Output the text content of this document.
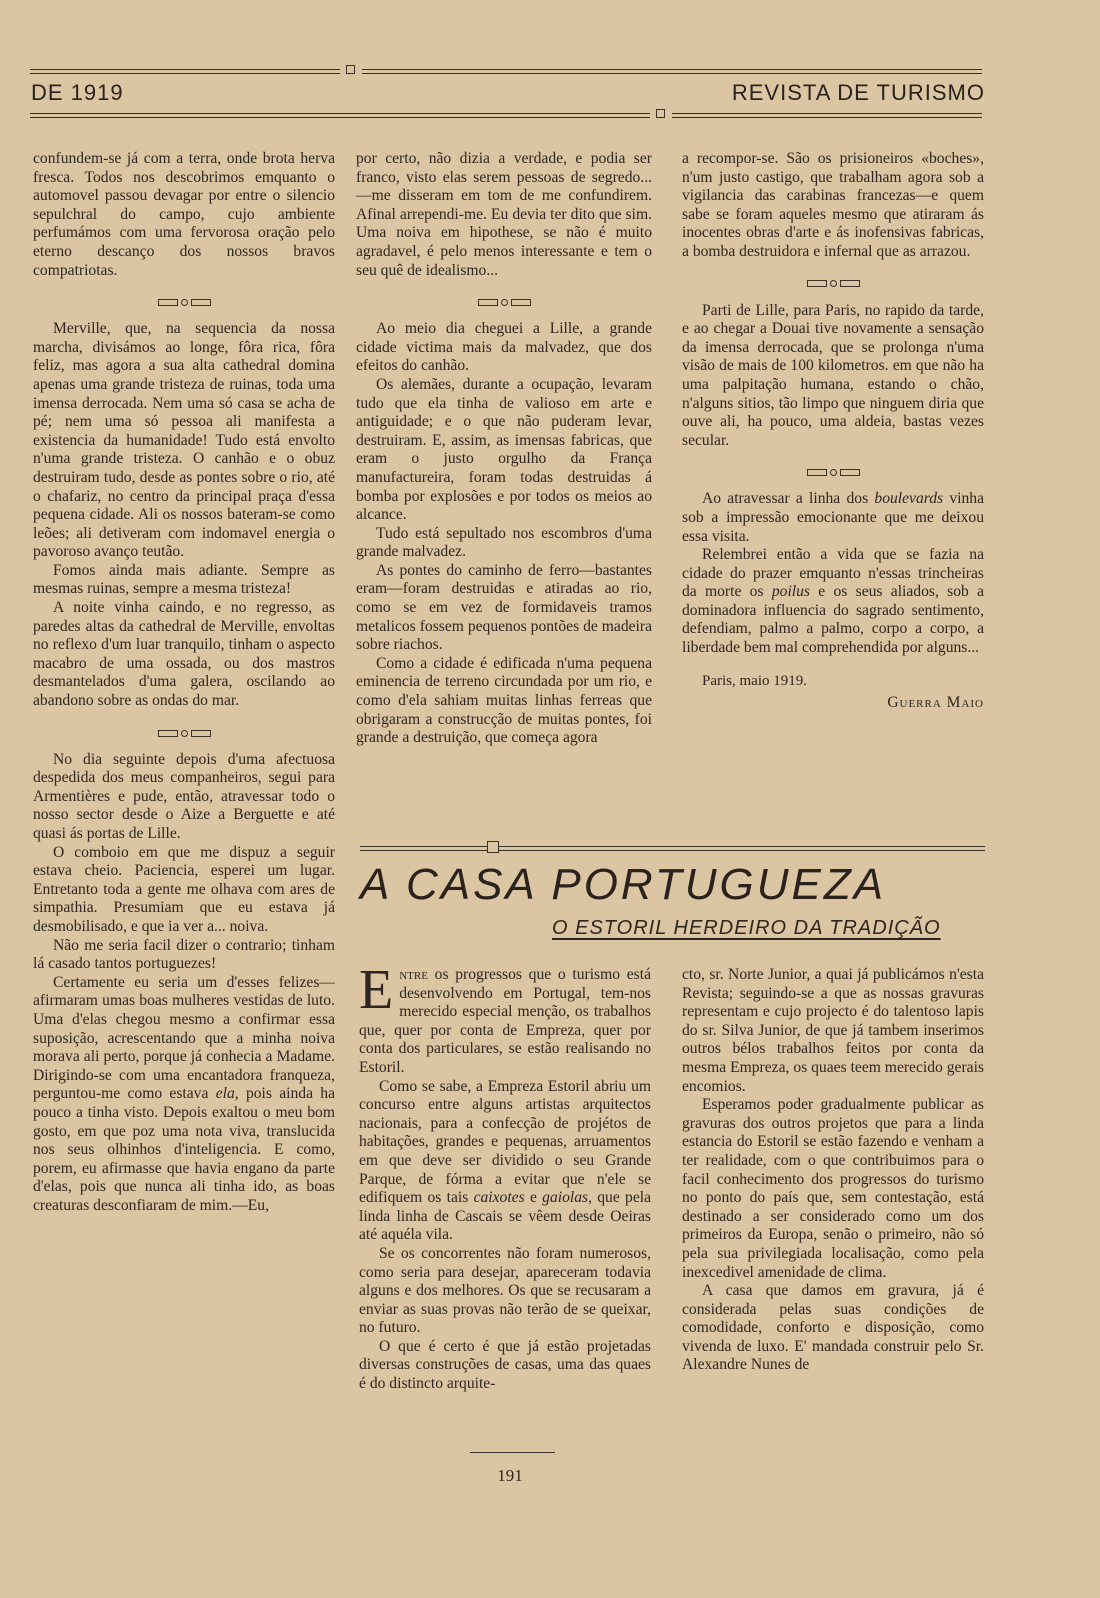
DE 1919	REVISTA DE TURISMO

confundem-se já com a terra, onde brota herva fresca. Todos nos descobrimos emquanto o automovel passou devagar por entre o silencio sepulchral do campo, cujo ambiente perfumámos com uma fervorosa oração pelo eterno descanço dos nossos bravos compatriotas.

Merville, que, na sequencia da nossa marcha, divisámos ao longe, fôra rica, fôra feliz, mas agora a sua alta cathedral domina apenas uma grande tristeza de ruinas, toda uma imensa derrocada. Nem uma só casa se acha de pé; nem uma só pessoa ali manifesta a existencia da humanidade! Tudo está envolto n'uma grande tristeza. O canhão e o obuz destruiram tudo, desde as pontes sobre o rio, até o chafariz, no centro da principal praça d'essa pequena cidade. Ali os nossos bateram-se como leões; ali detiveram com indomavel energia o pavoroso avanço teutão.

Fomos ainda mais adiante. Sempre as mesmas ruinas, sempre a mesma tristeza!

A noite vinha caindo, e no regresso, as paredes altas da cathedral de Merville, envoltas no reflexo d'um luar tranquilo, tinham o aspecto macabro de uma ossada, ou dos mastros desmantelados d'uma galera, oscilando ao abandono sobre as ondas do mar.

No dia seguinte depois d'uma afectuosa despedida dos meus companheiros, segui para Armentières e pude, então, atravessar todo o nosso sector desde o Aize a Berguette e até quasi ás portas de Lille.

O comboio em que me dispuz a seguir estava cheio. Paciencia, esperei um lugar. Entretanto toda a gente me olhava com ares de simpathia. Presumiam que eu estava já desmobilisado, e que ia ver a... noiva.

Não me seria facil dizer o contrario; tinham lá casado tantos portuguezes!

Certamente eu seria um d'esses felizes—afirmaram umas boas mulheres vestidas de luto. Uma d'elas chegou mesmo a confirmar essa suposição, acrescentando que a minha noiva morava ali perto, porque já conhecia a Madame. Dirigindo-se com uma encantadora franqueza, perguntou-me como estava ela, pois ainda ha pouco a tinha visto. Depois exaltou o meu bom gosto, em que poz uma nota viva, translucida nos seus olhinhos d'inteligencia. E como, porem, eu afirmasse que havia engano da parte d'elas, pois que nunca ali tinha ido, as boas creaturas desconfiaram de mim.—Eu,

por certo, não dizia a verdade, e podia ser franco, visto elas serem pessoas de segredo...—me disseram em tom de me confundirem. Afinal arrependi-me. Eu devia ter dito que sim. Uma noiva em hipothese, se não é muito agradavel, é pelo menos interessante e tem o seu quê de idealismo...

Ao meio dia cheguei a Lille, a grande cidade victima mais da malvadez, que dos efeitos do canhão.

Os alemães, durante a ocupação, levaram tudo que ela tinha de valioso em arte e antiguidade; e o que não puderam levar, destruiram. E, assim, as imensas fabricas, que eram o justo orgulho da França manufactureira, foram todas destruidas á bomba por explosões e por todos os meios ao alcance.

Tudo está sepultado nos escombros d'uma grande malvadez.

As pontes do caminho de ferro—bastantes eram—foram destruidas e atiradas ao rio, como se em vez de formidaveis tramos metalicos fossem pequenos pontões de madeira sobre riachos.

Como a cidade é edificada n'uma pequena eminencia de terreno circundada por um rio, e como d'ela sahiam muitas linhas ferreas que obrigaram a construcção de muitas pontes, foi grande a destruição, que começa agora

a recompor-se. São os prisioneiros «boches», n'um justo castigo, que trabalham agora sob a vigilancia das carabinas francezas—e quem sabe se foram aqueles mesmo que atiraram ás inocentes obras d'arte e ás inofensivas fabricas, a bomba destruidora e infernal que as arrazou.

Parti de Lille, para Paris, no rapido da tarde, e ao chegar a Douai tive novamente a sensação da imensa derrocada, que se prolonga n'uma visão de mais de 100 kilometros. em que não ha uma palpitação humana, estando o chão, n'alguns sitios, tão limpo que ninguem diria que ouve ali, ha pouco, uma aldeia, bastas vezes secular.

Ao atravessar a linha dos boulevards vinha sob a impressão emocionante que me deixou essa visita.

Relembrei então a vida que se fazia na cidade do prazer emquanto n'essas trincheiras da morte os poilus e os seus aliados, sob a dominadora influencia do sagrado sentimento, defendiam, palmo a palmo, corpo a corpo, a liberdade bem mal comprehendida por alguns...

Paris, maio 1919.
Guerra Maio
A CASA PORTUGUEZA
O ESTORIL HERDEIRO DA TRADIÇÃO

Entre os progressos que o turismo está desenvolvendo em Portugal, tem-nos merecido especial menção, os trabalhos que, quer por conta de Empreza, quer por conta dos particulares, se estão realisando no Estoril.

Como se sabe, a Empreza Estoril abriu um concurso entre alguns artistas arquitectos nacionais, para a confecção de projétos de habitações, grandes e pequenas, arruamentos em que deve ser dividido o seu Grande Parque, de fórma a evitar que n'ele se edifiquem os tais caixotes e gaiolas, que pela linda linha de Cascais se vêem desde Oeiras até aquéla vila.

Se os concorrentes não foram numerosos, como seria para desejar, apareceram todavia alguns e dos melhores. Os que se recusaram a enviar as suas provas não terão de se queixar, no futuro.

O que é certo é que já estão projetadas diversas construções de casas, uma das quaes é do distincto arquite-

cto, sr. Norte Junior, a quai já publicámos n'esta Revista; seguindo-se a que as nossas gravuras representam e cujo projecto é do talentoso lapis do sr. Silva Junior, de que já tambem inserimos outros bélos trabalhos feitos por conta da mesma Empreza, os quaes teem merecido gerais encomios.

Esperamos poder gradualmente publicar as gravuras dos outros projetos que para a linda estancia do Estoril se estão fazendo e venham a ter realidade, com o que contribuimos para o facil conhecimento dos progressos do turismo no ponto do país que, sem contestação, está destinado a ser considerado como um dos primeiros da Europa, senão o primeiro, não só pela sua privilegiada localisação, como pela inexcedivel amenidade de clima.

A casa que damos em gravura, já é considerada pelas suas condições de comodidade, conforto e disposição, como vivenda de luxo. E' mandada construir pelo Sr. Alexandre Nunes de

191
